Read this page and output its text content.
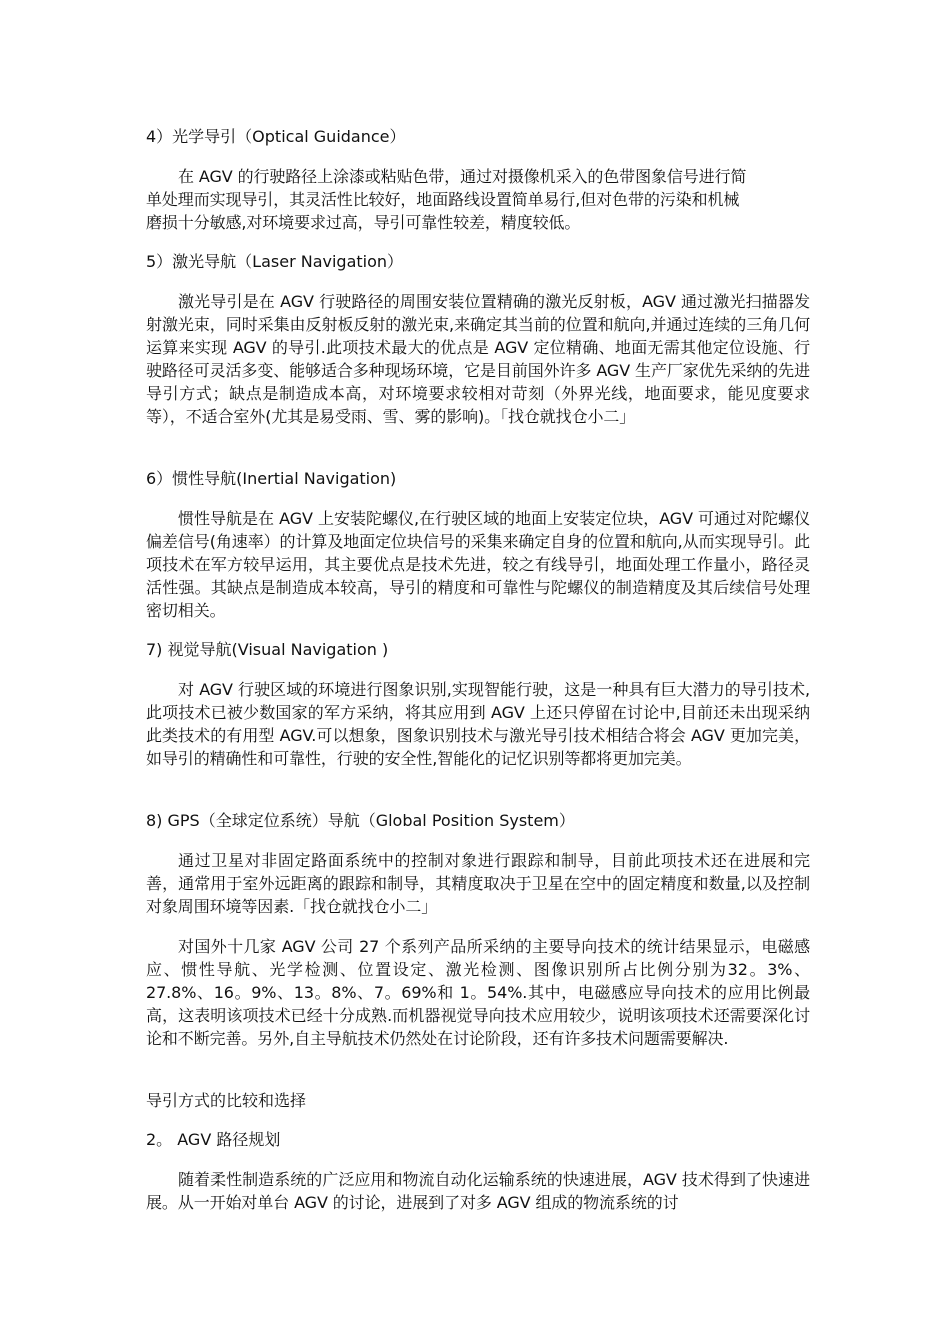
4）光学导引（Optical Guidance）
在 AGV 的行驶路径上涂漆或粘贴色带，通过对摄像机采入的色带图象信号进行简
单处理而实现导引，其灵活性比较好，地面路线设置简单易行,但对色带的污染和机械
磨损十分敏感,对环境要求过高，导引可靠性较差，精度较低。
5）激光导航（Laser Navigation）
激光导引是在 AGV 行驶路径的周围安装位置精确的激光反射板，AGV 通过激光扫描器发射激光束，同时采集由反射板反射的激光束,来确定其当前的位置和航向,并通过连续的三角几何运算来实现 AGV 的导引.此项技术最大的优点是 AGV 定位精确、地面无需其他定位设施、行驶路径可灵活多变、能够适合多种现场环境，它是目前国外许多 AGV 生产厂家优先采纳的先进导引方式；缺点是制造成本高，对环境要求较相对苛刻（外界光线，地面要求，能见度要求等），不适合室外(尤其是易受雨、雪、雾的影响)。「找仓就找仓小二」
6）惯性导航(Inertial Navigation)
惯性导航是在 AGV 上安装陀螺仪,在行驶区域的地面上安装定位块，AGV 可通过对陀螺仪偏差信号(角速率）的计算及地面定位块信号的采集来确定自身的位置和航向,从而实现导引。此项技术在军方较早运用，其主要优点是技术先进，较之有线导引，地面处理工作量小，路径灵活性强。其缺点是制造成本较高，导引的精度和可靠性与陀螺仪的制造精度及其后续信号处理密切相关。
7) 视觉导航(Visual Navigation )
对 AGV 行驶区域的环境进行图象识别,实现智能行驶，这是一种具有巨大潜力的导引技术,此项技术已被少数国家的军方采纳，将其应用到 AGV 上还只停留在讨论中,目前还未出现采纳此类技术的有用型 AGV.可以想象，图象识别技术与激光导引技术相结合将会 AGV 更加完美，如导引的精确性和可靠性，行驶的安全性,智能化的记忆识别等都将更加完美。
8) GPS（全球定位系统）导航（Global Position System）
通过卫星对非固定路面系统中的控制对象进行跟踪和制导，目前此项技术还在进展和完善，通常用于室外远距离的跟踪和制导，其精度取决于卫星在空中的固定精度和数量,以及控制对象周围环境等因素.「找仓就找仓小二」
对国外十几家 AGV 公司 27 个系列产品所采纳的主要导向技术的统计结果显示，电磁感应、惯性导航、光学检测、位置设定、激光检测、图像识别所占比例分别为32。3%、27.8%、16。9%、13。8%、7。69%和 1。54%.其中，电磁感应导向技术的应用比例最高，这表明该项技术已经十分成熟.而机器视觉导向技术应用较少，说明该项技术还需要深化讨论和不断完善。另外,自主导航技术仍然处在讨论阶段，还有许多技术问题需要解决.
导引方式的比较和选择
2。 AGV 路径规划
随着柔性制造系统的广泛应用和物流自动化运输系统的快速进展，AGV 技术得到了快速进展。从一开始对单台 AGV 的讨论，进展到了对多 AGV 组成的物流系统的讨
